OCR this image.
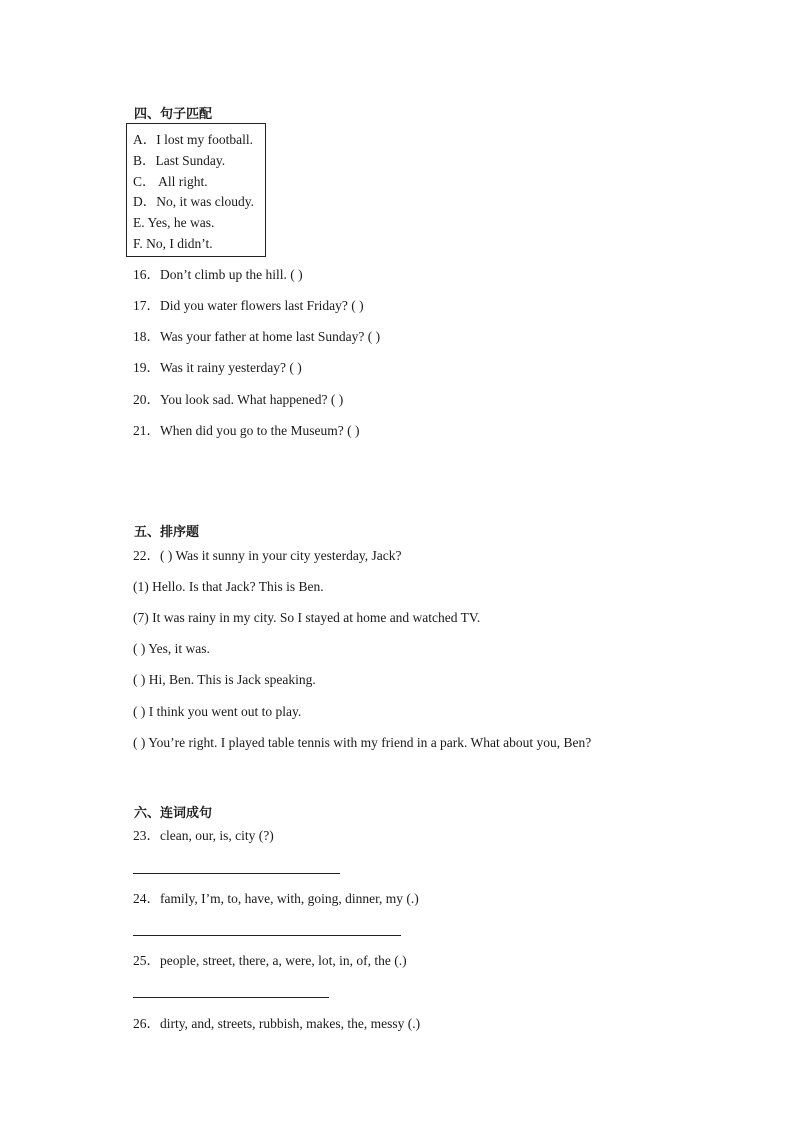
四、句子匹配
A．I lost my football.
B．Last Sunday.
C． All right.
D．No, it was cloudy.
E. Yes, he was.
F. No, I didn’t.
16．Don’t climb up the hill. ( )
17．Did you water flowers last Friday? ( )
18．Was your father at home last Sunday? ( )
19．Was it rainy yesterday? ( )
20．You look sad. What happened? ( )
21．When did you go to the Museum? ( )
五、排序题
22．( ) Was it sunny in your city yesterday, Jack?
(1) Hello. Is that Jack? This is Ben.
(7) It was rainy in my city. So I stayed at home and watched TV.
( ) Yes, it was.
( ) Hi, Ben. This is Jack speaking.
( ) I think you went out to play.
( ) You’re right. I played table tennis with my friend in a park. What about you, Ben?
六、连词成句
23．clean, our, is, city (?)
24．family, I’m, to, have, with, going, dinner, my (.)
25．people, street, there, a, were, lot, in, of, the (.)
26．dirty, and, streets, rubbish, makes, the, messy (.)
